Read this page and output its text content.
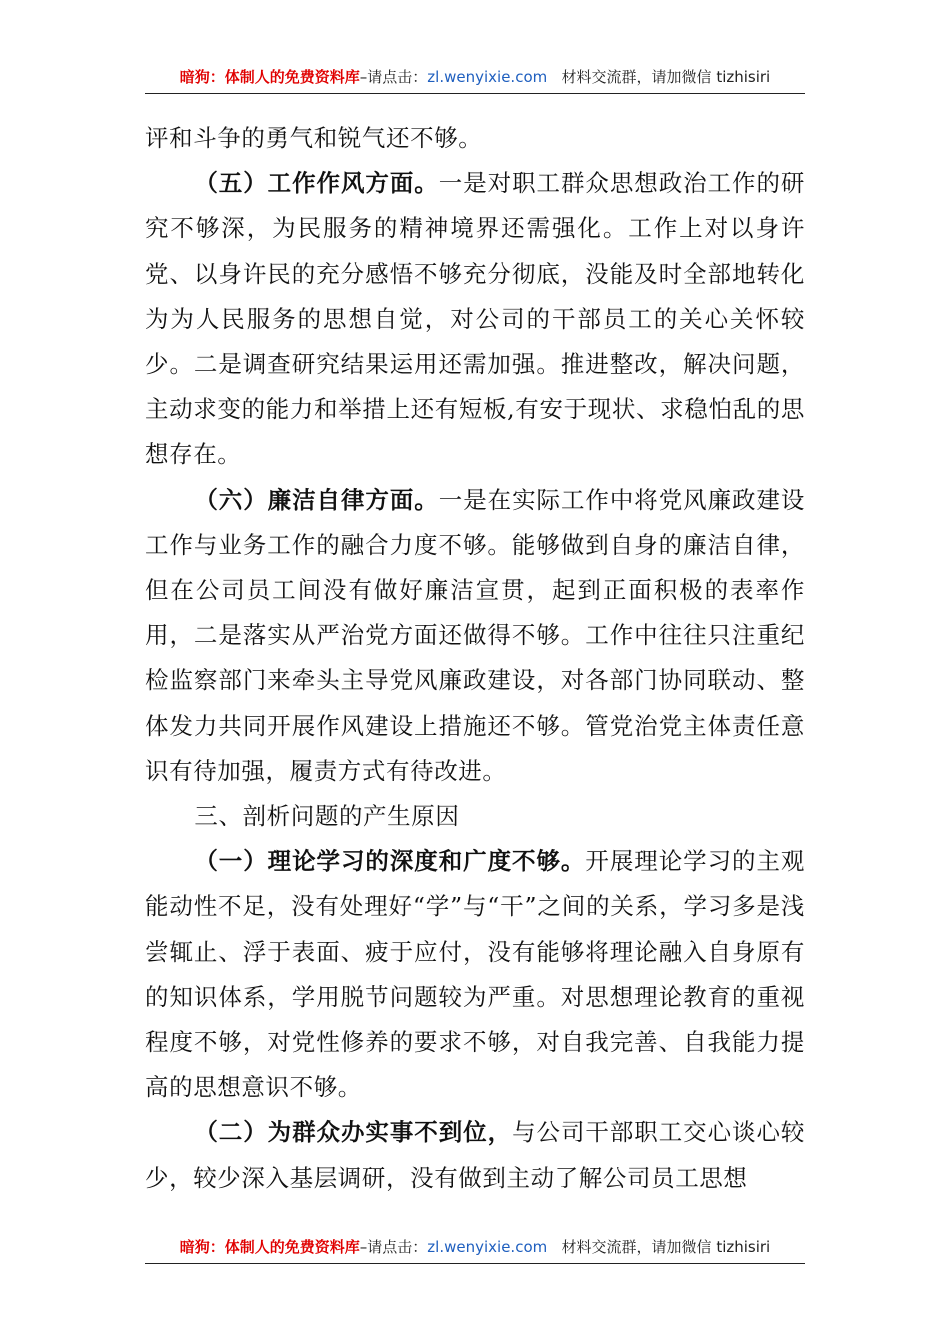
暗狗：体制人的免费资料库–请点击：zl.wenyixie.com 材料交流群，请加微信 tizhisiri

评和斗争的勇气和锐气还不够。

（五）工作作风方面。一是对职工群众思想政治工作的研究不够深，为民服务的精神境界还需强化。工作上对以身许党、以身许民的充分感悟不够充分彻底，没能及时全部地转化为为人民服务的思想自觉，对公司的干部员工的关心关怀较少。二是调查研究结果运用还需加强。推进整改，解决问题，主动求变的能力和举措上还有短板,有安于现状、求稳怕乱的思想存在。

（六）廉洁自律方面。一是在实际工作中将党风廉政建设工作与业务工作的融合力度不够。能够做到自身的廉洁自律，但在公司员工间没有做好廉洁宣贯，起到正面积极的表率作用，二是落实从严治党方面还做得不够。工作中往往只注重纪检监察部门来牵头主导党风廉政建设，对各部门协同联动、整体发力共同开展作风建设上措施还不够。管党治党主体责任意识有待加强，履责方式有待改进。

三、剖析问题的产生原因

（一）理论学习的深度和广度不够。开展理论学习的主观能动性不足，没有处理好“学”与“干”之间的关系，学习多是浅尝辄止、浮于表面、疲于应付，没有能够将理论融入自身原有的知识体系，学用脱节问题较为严重。对思想理论教育的重视程度不够，对党性修养的要求不够，对自我完善、自我能力提高的思想意识不够。

（二）为群众办实事不到位，与公司干部职工交心谈心较少，较少深入基层调研，没有做到主动了解公司员工思想

暗狗：体制人的免费资料库–请点击：zl.wenyixie.com 材料交流群，请加微信 tizhisiri
